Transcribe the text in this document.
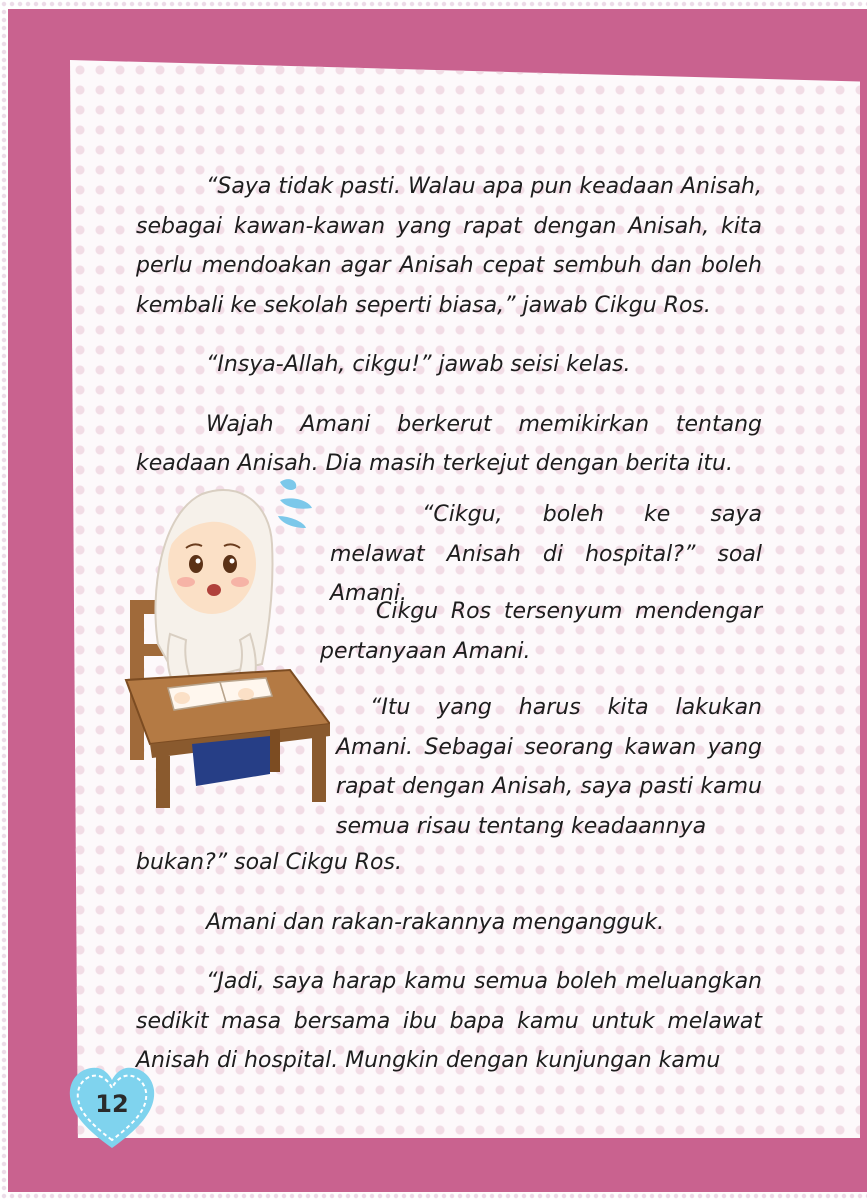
“Saya tidak pasti. Walau apa pun keadaan Anisah, sebagai kawan-kawan yang rapat dengan Anisah, kita perlu mendoakan agar Anisah cepat sembuh dan boleh kembali ke sekolah seperti biasa,” jawab Cikgu Ros.

“Insya-Allah, cikgu!” jawab seisi kelas.

Wajah Amani berkerut memikirkan tentang keadaan Anisah. Dia masih terkejut dengan berita itu.

“Cikgu, boleh ke saya melawat Anisah di hospital?” soal Amani.

Cikgu Ros tersenyum mendengar pertanyaan Amani.

“Itu yang harus kita lakukan Amani. Sebagai seorang kawan yang rapat dengan Anisah, saya pasti kamu semua risau tentang keadaannya

bukan?” soal Cikgu Ros.

Amani dan rakan-rakannya mengangguk.

“Jadi, saya harap kamu semua boleh meluangkan sedikit masa bersama ibu bapa kamu untuk melawat Anisah di hospital. Mungkin dengan kunjungan kamu

12
